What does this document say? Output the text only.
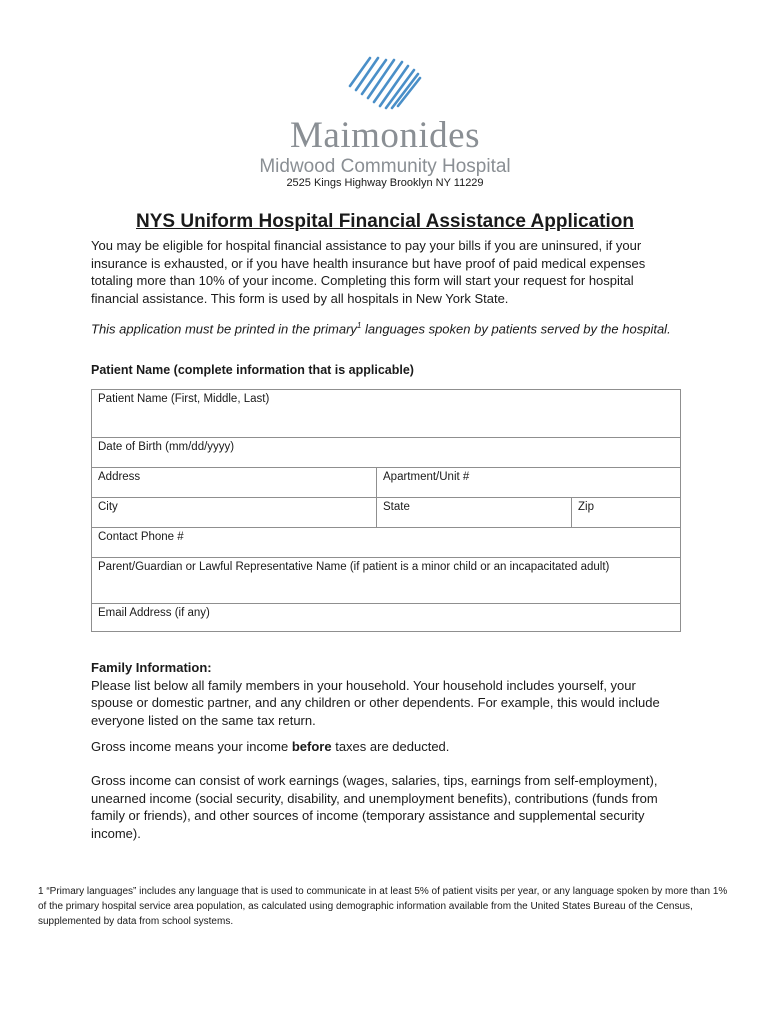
Maimonides
Midwood Community Hospital
2525 Kings Highway Brooklyn NY 11229
NYS Uniform Hospital Financial Assistance Application
You may be eligible for hospital financial assistance to pay your bills if you are uninsured, if your insurance is exhausted, or if you have health insurance but have proof of paid medical expenses totaling more than 10% of your income. Completing this form will start your request for hospital financial assistance. This form is used by all hospitals in New York State.
This application must be printed in the primary$^1$ languages spoken by patients served by the hospital.
Patient Name (complete information that is applicable)
Patient Name (First, Middle, Last)		
Date of Birth (mm/dd/yyyy)		
Address	Apartment/Unit #	
City	State	Zip
Contact Phone #		
Parent/Guardian or Lawful Representative Name (if patient is a minor child or an incapacitated adult)		
Email Address (if any)		
Family Information:
Please list below all family members in your household. Your household includes yourself, your spouse or domestic partner, and any children or other dependents. For example, this would include everyone listed on the same tax return.
Gross income means your income before taxes are deducted.
Gross income can consist of work earnings (wages, salaries, tips, earnings from self-employment), unearned income (social security, disability, and unemployment benefits), contributions (funds from family or friends), and other sources of income (temporary assistance and supplemental security income).
1 “Primary languages” includes any language that is used to communicate in at least 5% of patient visits per year, or any language spoken by more than 1% of the primary hospital service area population, as calculated using demographic information available from the United States Bureau of the Census, supplemented by data from school systems.
